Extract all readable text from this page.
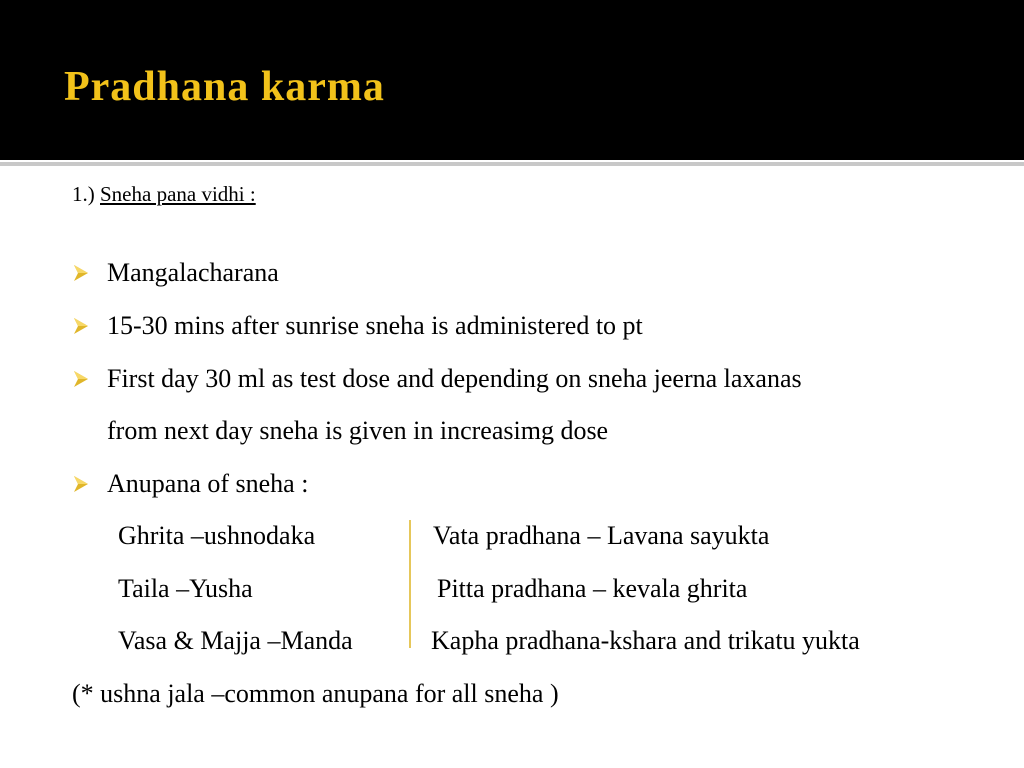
Pradhana karma
1.) Sneha pana vidhi :
Mangalacharana
15-30 mins after sunrise sneha is administered to pt
First day 30 ml as test dose and depending on sneha jeerna laxanas
from next day sneha is given in increasimg dose
Anupana of sneha :
Ghrita –ushnodaka	Vata pradhana – Lavana sayukta
Taila –Yusha	Pitta pradhana – kevala ghrita
Vasa & Majja –Manda	Kapha pradhana-kshara and trikatu yukta
(* ushna jala –common anupana for all sneha )
